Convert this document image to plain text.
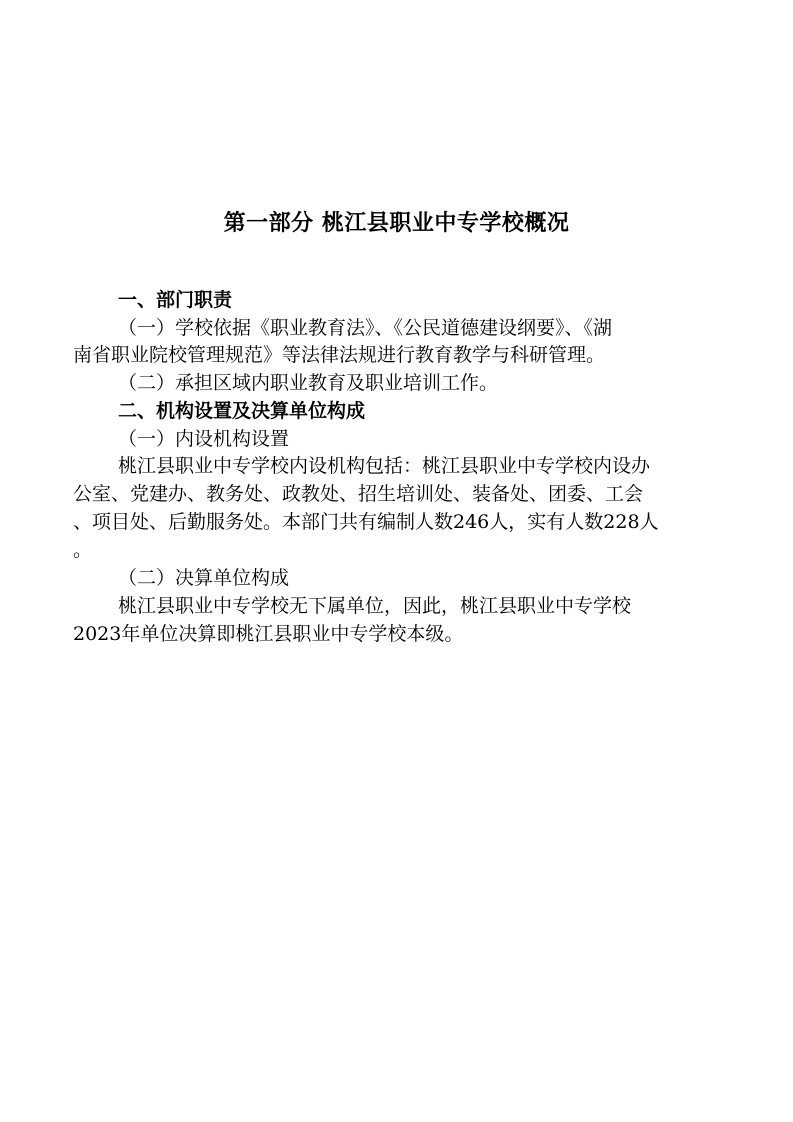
第一部分 桃江县职业中专学校概况
一、部门职责
（一）学校依据《职业教育法》、《公民道德建设纲要》、《湖
南省职业院校管理规范》等法律法规进行教育教学与科研管理。
（二）承担区域内职业教育及职业培训工作。
二、机构设置及决算单位构成
（一）内设机构设置
桃江县职业中专学校内设机构包括：桃江县职业中专学校内设办
公室、党建办、教务处、政教处、招生培训处、装备处、团委、工会
、项目处、后勤服务处。本部门共有编制人数246人，实有人数228人
。
（二）决算单位构成
桃江县职业中专学校无下属单位，因此，桃江县职业中专学校
2023年单位决算即桃江县职业中专学校本级。
